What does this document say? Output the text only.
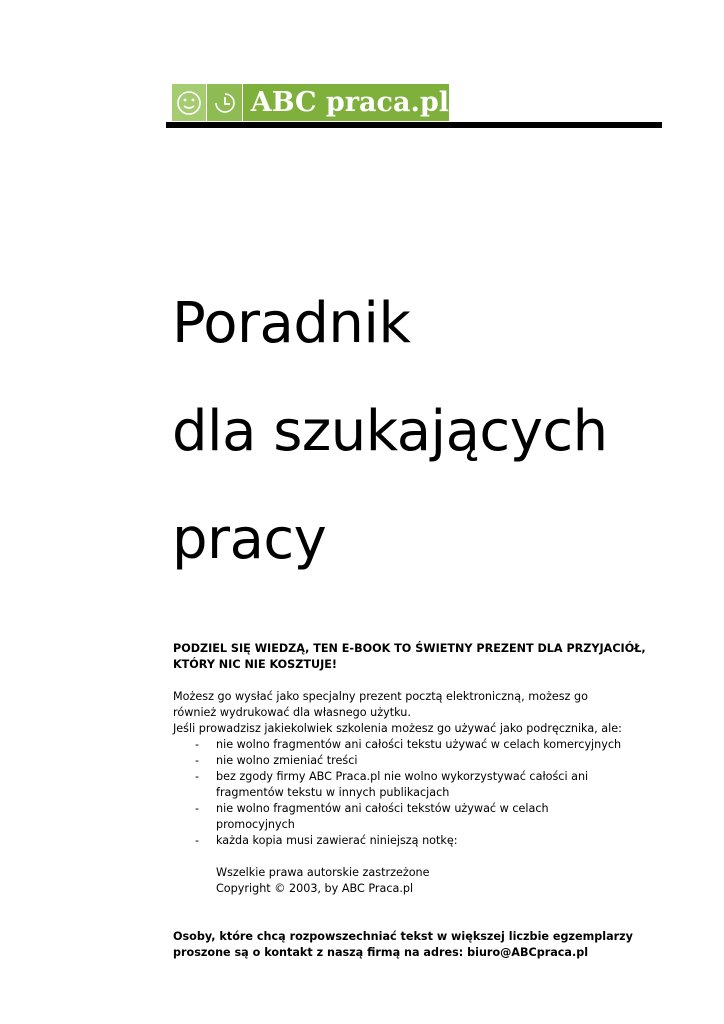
ABC praca.pl
Poradnik
dla szukających
pracy

PODZIEL SIĘ WIEDZĄ, TEN E-BOOK TO ŚWIETNY PREZENT DLA PRZYJACIÓŁ,
KTÓRY NIC NIE KOSZTUJE!

Możesz go wysłać jako specjalny prezent pocztą elektroniczną, możesz go
również wydrukować dla własnego użytku.
Jeśli prowadzisz jakiekolwiek szkolenia możesz go używać jako podręcznika, ale:

- nie wolno fragmentów ani całości tekstu używać w celach komercyjnych
- nie wolno zmieniać treści
- bez zgody firmy ABC Praca.pl nie wolno wykorzystywać całości ani
fragmentów tekstu w innych publikacjach
- nie wolno fragmentów ani całości tekstów używać w celach
promocyjnych
- każda kopia musi zawierać niniejszą notkę:

Wszelkie prawa autorskie zastrzeżone
Copyright © 2003, by ABC Praca.pl

Osoby, które chcą rozpowszechniać tekst w większej liczbie egzemplarzy
proszone są o kontakt z naszą firmą na adres: biuro@ABCpraca.pl
